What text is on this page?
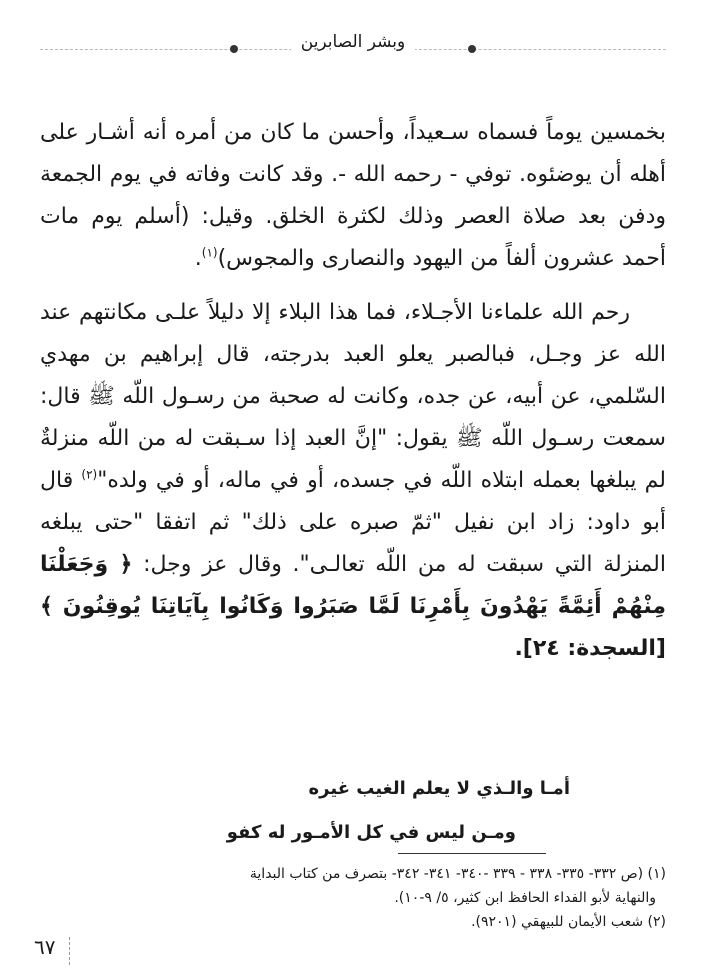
وبشر الصابرين

بخمسين يوماً فسماه سـعيداً، وأحسن ما كان من أمره أنه أشـار على أهله أن يوضئوه. توفي - رحمه الله -. وقد كانت وفاته في يوم الجمعة ودفن بعد صلاة العصر وذلك لكثرة الخلق. وقيل: (أسلم يوم مات أحمد عشرون ألفاً من اليهود والنصارى والمجوس)$^{(١)}$.

رحم الله علماءنا الأجـلاء، فما هذا البلاء إلا دليلاً علـى مكانتهم عند الله عز وجـل، فبالصبر يعلو العبد بدرجته، قال إبراهيم بن مهدي السّلمي، عن أبيه، عن جده، وكانت له صحبة من رسـول اللّه ﷺ قال: سمعت رسـول اللّه ﷺ يقول: "إنَّ العبد إذا سـبقت له من اللّه منزلةٌ لم يبلغها بعمله ابتلاه اللّه في جسده، أو في ماله، أو في ولده"$^{(٢)}$ قال أبو داود: زاد ابن نفيل "ثمّ صبره على ذلك" ثم اتفقا "حتى يبلغه المنزلة التي سبقت له من اللّه تعالـى". وقال عز وجل: ﴿ وَجَعَلْنَا مِنْهُمْ أَئِمَّةً يَهْدُونَ بِأَمْرِنَا لَمَّا صَبَرُوا وَكَانُوا بِآيَاتِنَا يُوقِنُونَ ﴾ [السجدة: ٢٤].

أمـا والـذي لا يعلم الغيب غيره
ومـن ليس في كل الأمـور له كفو

(١) (ص ٣٣٢- ٣٣٥- ٣٣٨ - ٣٣٩ -٣٤٠- ٣٤١- ٣٤٢- بتصرف من كتاب البداية

والنهاية لأبو الفداء الحافظ ابن كثير، ٥/ ٩-١٠).

(٢) شعب الأيمان للبيهقي (٩٢٠١).

٦٧
